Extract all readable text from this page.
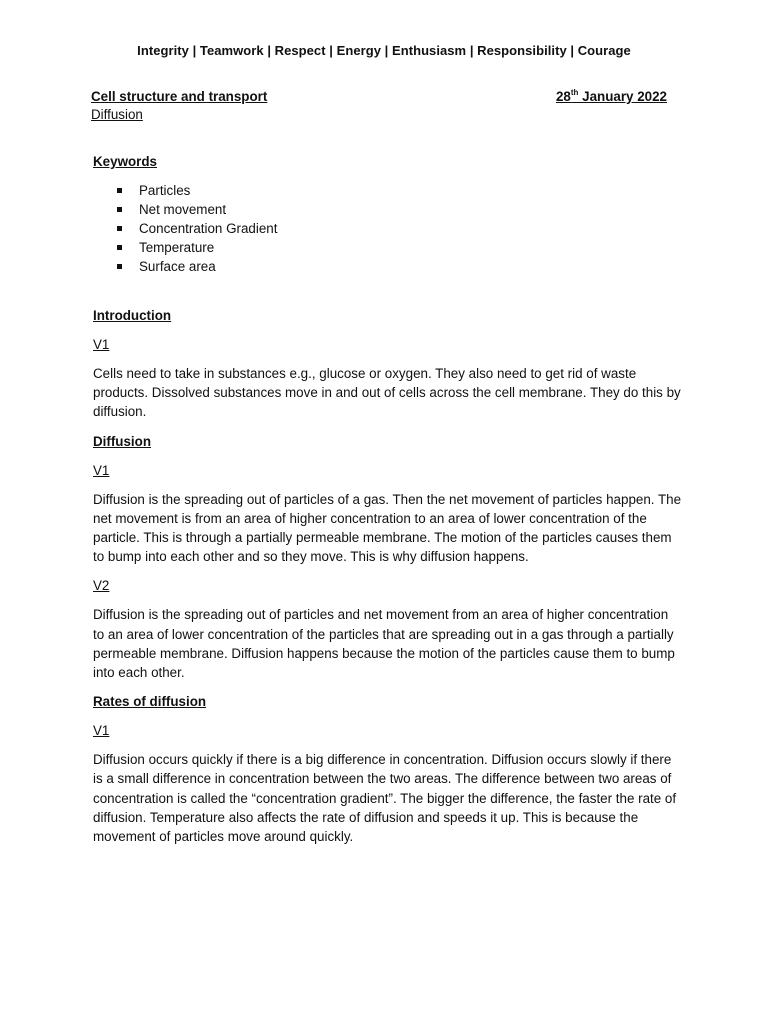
Integrity | Teamwork | Respect | Energy | Enthusiasm | Responsibility | Courage
Cell structure and transport	28th January 2022
Diffusion

Keywords

Particles
Net movement
Concentration Gradient
Temperature
Surface area

Introduction

V1

Cells need to take in substances e.g., glucose or oxygen. They also need to get rid of waste products. Dissolved substances move in and out of cells across the cell membrane. They do this by diffusion.

Diffusion

V1

Diffusion is the spreading out of particles of a gas. Then the net movement of particles happen. The net movement is from an area of higher concentration to an area of lower concentration of the particle. This is through a partially permeable membrane. The motion of the particles causes them to bump into each other and so they move. This is why diffusion happens.

V2

Diffusion is the spreading out of particles and net movement from an area of higher concentration to an area of lower concentration of the particles that are spreading out in a gas through a partially permeable membrane. Diffusion happens because the motion of the particles cause them to bump into each other.

Rates of diffusion

V1

Diffusion occurs quickly if there is a big difference in concentration. Diffusion occurs slowly if there is a small difference in concentration between the two areas. The difference between two areas of concentration is called the “concentration gradient”. The bigger the difference, the faster the rate of diffusion. Temperature also affects the rate of diffusion and speeds it up. This is because the movement of particles move around quickly.
